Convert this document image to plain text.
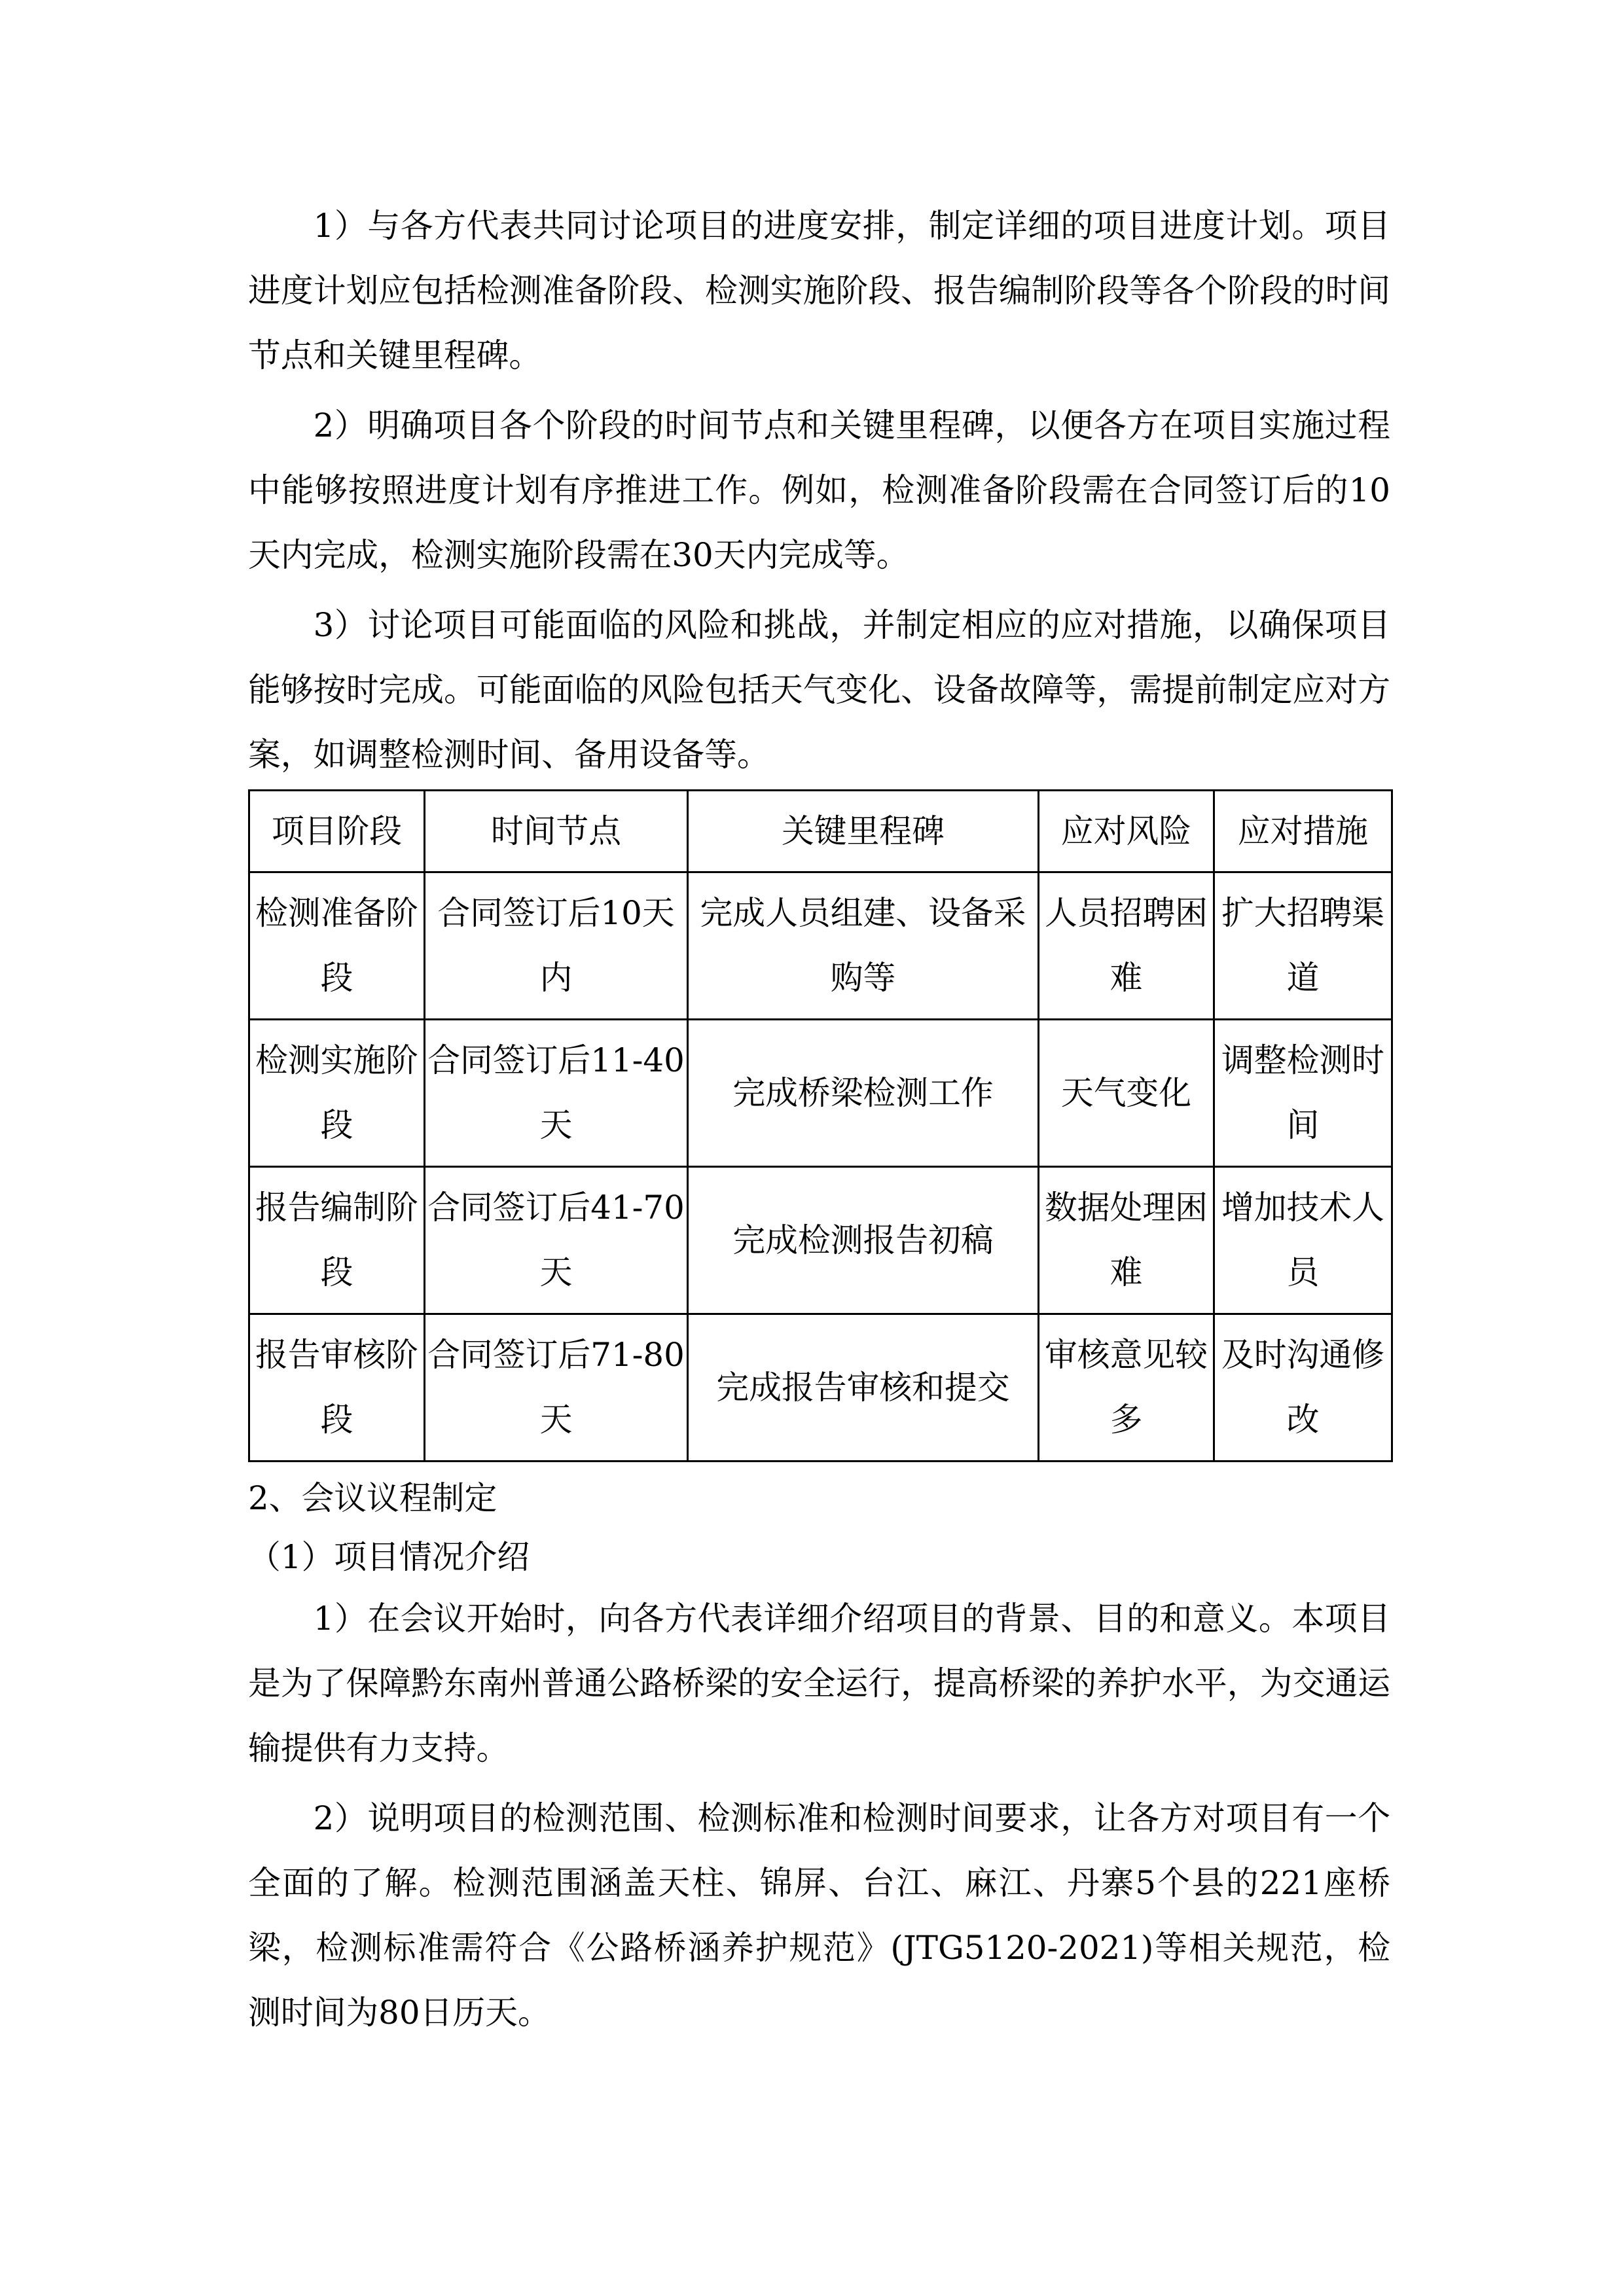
1）与各方代表共同讨论项目的进度安排，制定详细的项目进度计划。项目进度计划应包括检测准备阶段、检测实施阶段、报告编制阶段等各个阶段的时间节点和关键里程碑。

2）明确项目各个阶段的时间节点和关键里程碑，以便各方在项目实施过程中能够按照进度计划有序推进工作。例如，检测准备阶段需在合同签订后的10天内完成，检测实施阶段需在30天内完成等。

3）讨论项目可能面临的风险和挑战，并制定相应的应对措施，以确保项目能够按时完成。可能面临的风险包括天气变化、设备故障等，需提前制定应对方案，如调整检测时间、备用设备等。

项目阶段	时间节点	关键里程碑	应对风险	应对措施
检测准备阶段	合同签订后10天内	完成人员组建、设备采购等	人员招聘困难	扩大招聘渠道
检测实施阶段	合同签订后11-40天	完成桥梁检测工作	天气变化	调整检测时间
报告编制阶段	合同签订后41-70天	完成检测报告初稿	数据处理困难	增加技术人员
报告审核阶段	合同签订后71-80天	完成报告审核和提交	审核意见较多	及时沟通修改

2、会议议程制定

（1）项目情况介绍

1）在会议开始时，向各方代表详细介绍项目的背景、目的和意义。本项目是为了保障黔东南州普通公路桥梁的安全运行，提高桥梁的养护水平，为交通运输提供有力支持。

2）说明项目的检测范围、检测标准和检测时间要求，让各方对项目有一个全面的了解。检测范围涵盖天柱、锦屏、台江、麻江、丹寨5个县的221座桥梁，检测标准需符合《公路桥涵养护规范》(JTG5120-2021)等相关规范，检测时间为80日历天。
